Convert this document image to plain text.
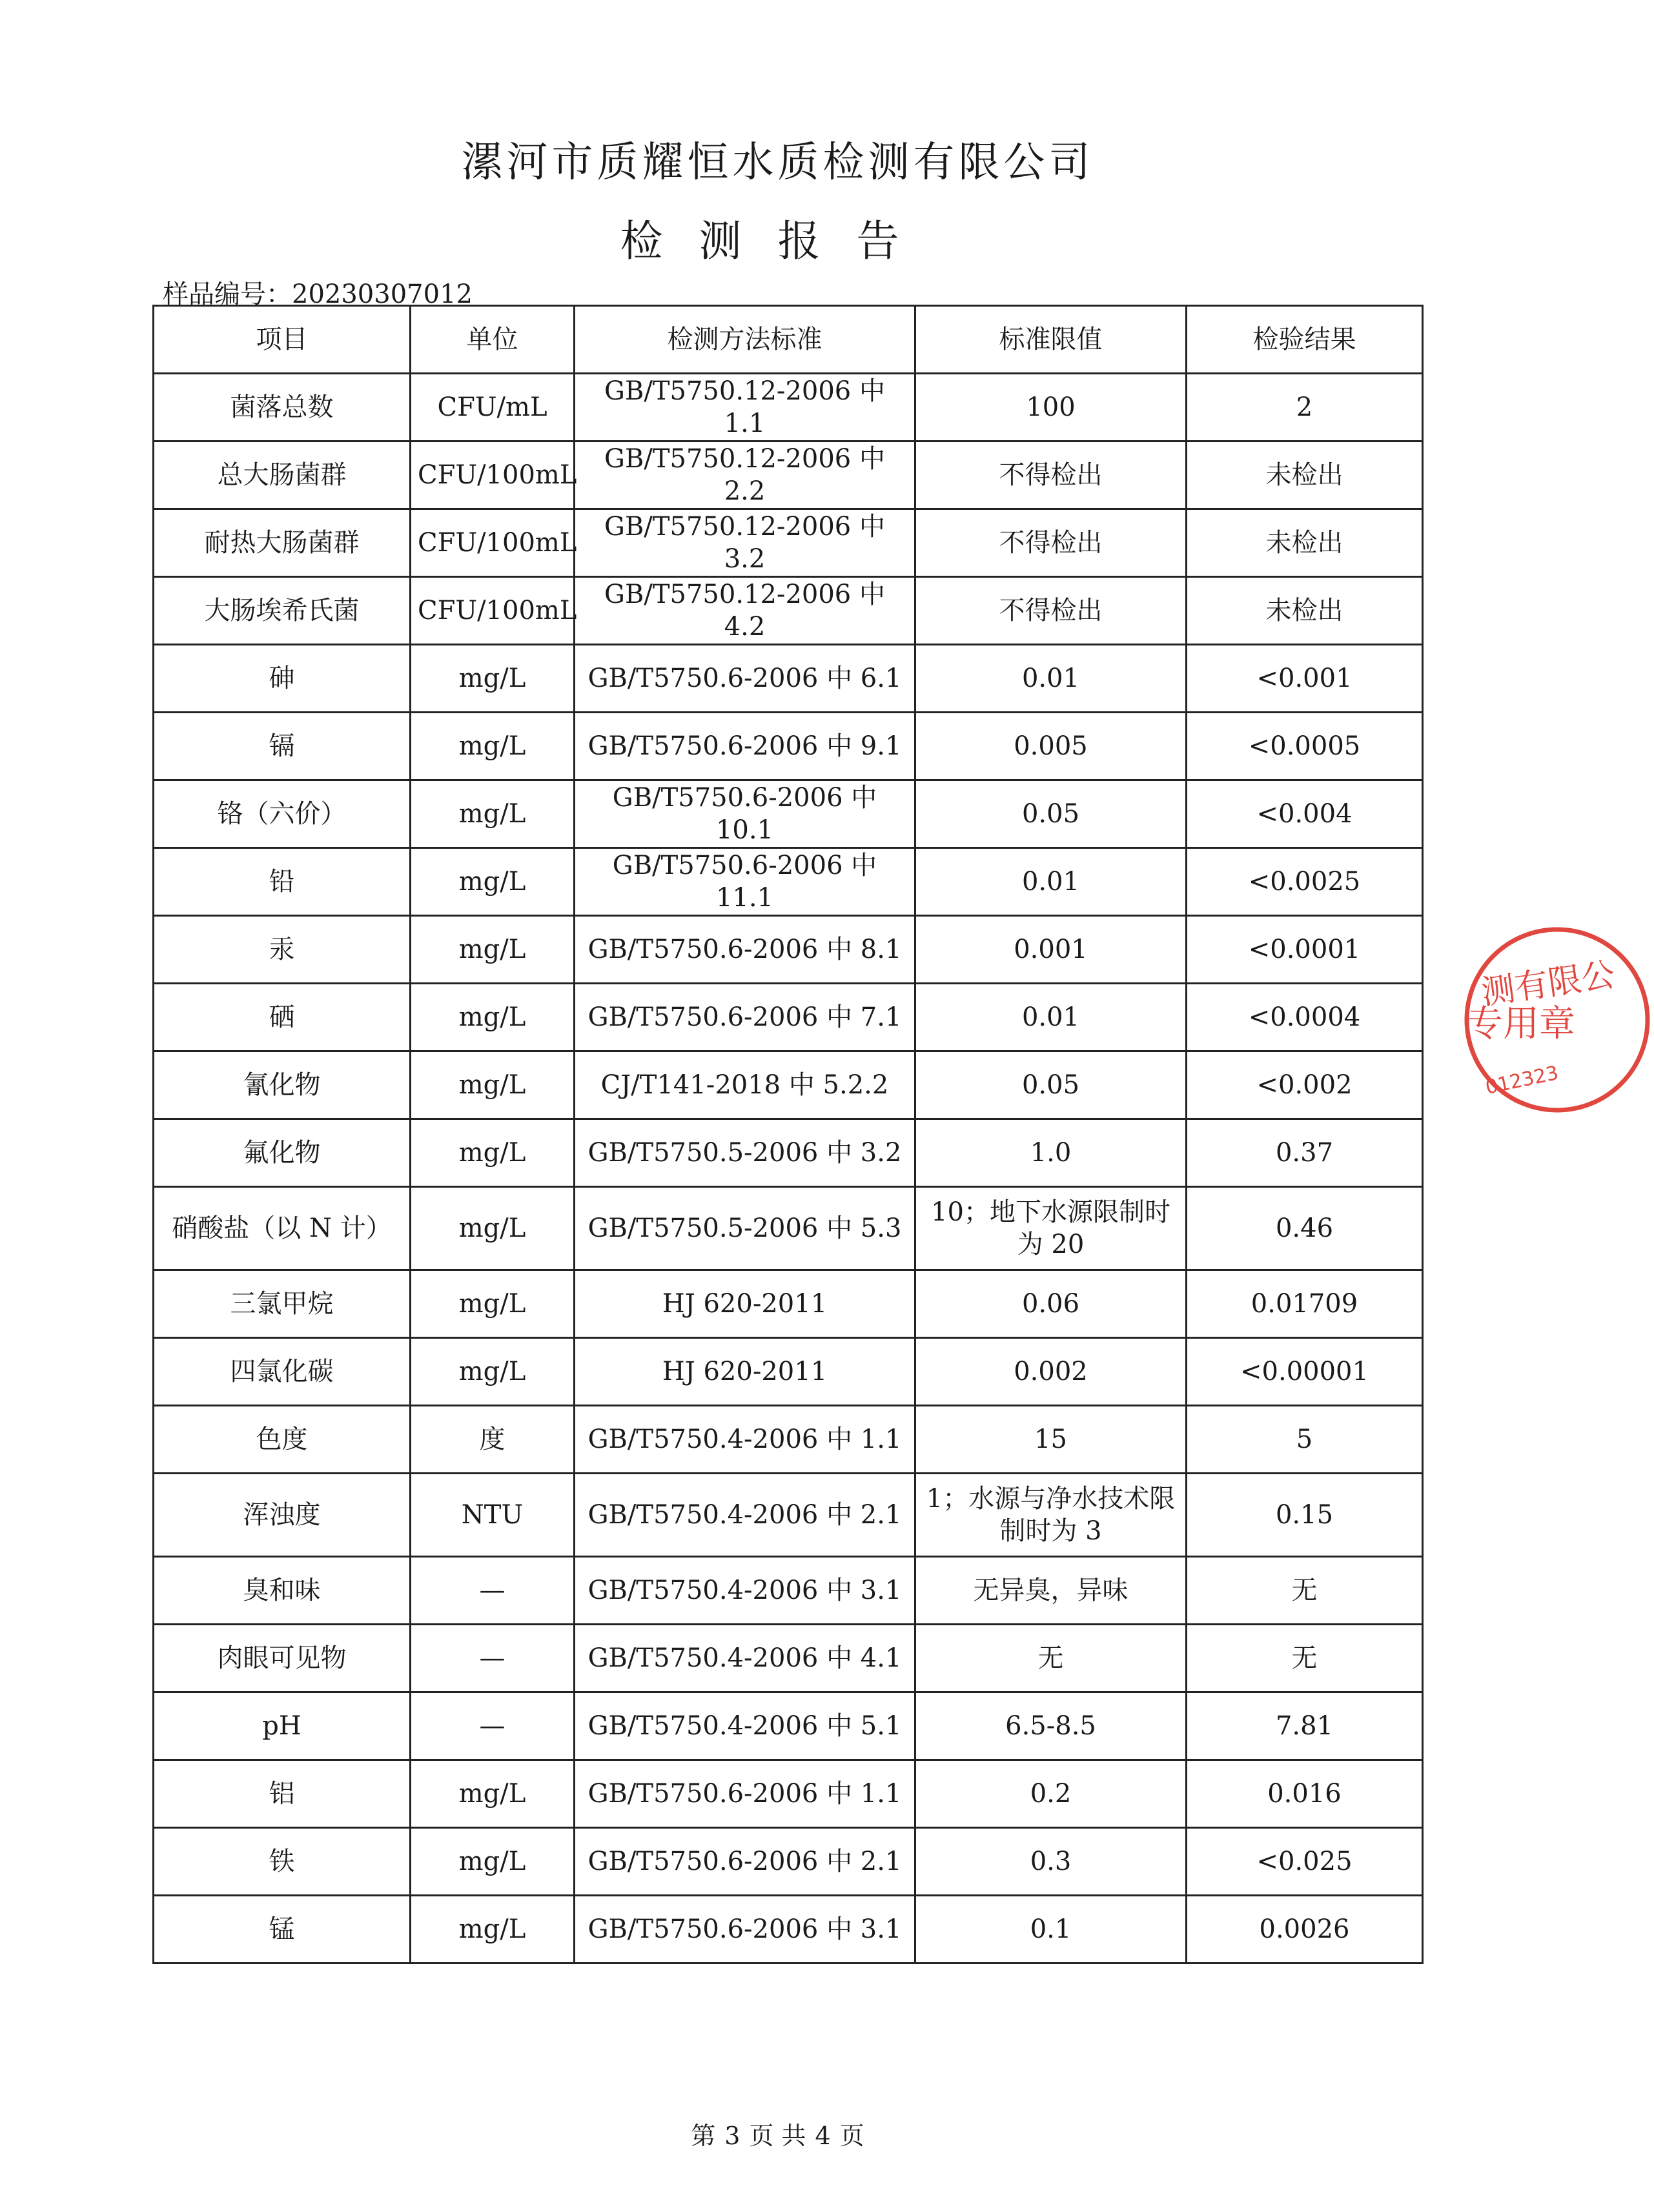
漯河市质耀恒水质检测有限公司
检测报告
样品编号：20230307012
项目	单位	检测方法标准	标准限值	检验结果
菌落总数	CFU/mL	GB/T5750.12-2006 中 1.1	100	2
总大肠菌群	CFU/100mL	GB/T5750.12-2006 中 2.2	不得检出	未检出
耐热大肠菌群	CFU/100mL	GB/T5750.12-2006 中 3.2	不得检出	未检出
大肠埃希氏菌	CFU/100mL	GB/T5750.12-2006 中 4.2	不得检出	未检出
砷	mg/L	GB/T5750.6-2006 中 6.1	0.01	<0.001
镉	mg/L	GB/T5750.6-2006 中 9.1	0.005	<0.0005
铬（六价）	mg/L	GB/T5750.6-2006 中 10.1	0.05	<0.004
铅	mg/L	GB/T5750.6-2006 中 11.1	0.01	<0.0025
汞	mg/L	GB/T5750.6-2006 中 8.1	0.001	<0.0001
硒	mg/L	GB/T5750.6-2006 中 7.1	0.01	<0.0004
氰化物	mg/L	CJ/T141-2018 中 5.2.2	0.05	<0.002
氟化物	mg/L	GB/T5750.5-2006 中 3.2	1.0	0.37
硝酸盐（以 N 计）	mg/L	GB/T5750.5-2006 中 5.3	10；地下水源限制时为 20	0.46
三氯甲烷	mg/L	HJ 620-2011	0.06	0.01709
四氯化碳	mg/L	HJ 620-2011	0.002	<0.00001
色度	度	GB/T5750.4-2006 中 1.1	15	5
浑浊度	NTU	GB/T5750.4-2006 中 2.1	1；水源与净水技术限制时为 3	0.15
臭和味	—	GB/T5750.4-2006 中 3.1	无异臭，异味	无
肉眼可见物	—	GB/T5750.4-2006 中 4.1	无	无
pH	—	GB/T5750.4-2006 中 5.1	6.5-8.5	7.81
铝	mg/L	GB/T5750.6-2006 中 1.1	0.2	0.016
铁	mg/L	GB/T5750.6-2006 中 2.1	0.3	<0.025
锰	mg/L	GB/T5750.6-2006 中 3.1	0.1	0.0026
测有限公
专用章
012323
第 3 页 共 4 页
